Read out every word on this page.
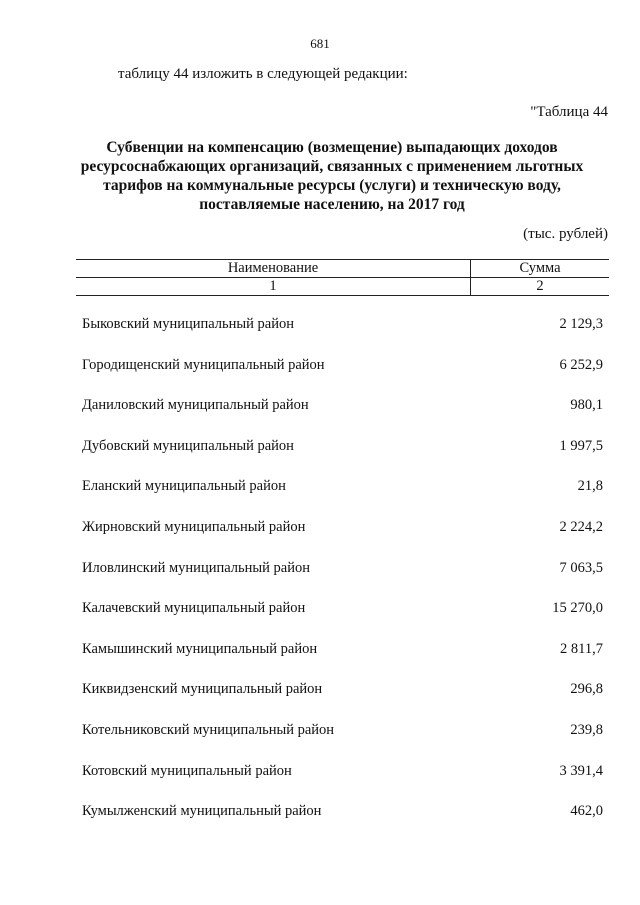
681
таблицу 44 изложить в следующей редакции:
"Таблица 44
Субвенции на компенсацию (возмещение) выпадающих доходов
ресурсоснабжающих организаций, связанных с применением льготных
тарифов на коммунальные ресурсы (услуги) и техническую воду,
поставляемые населению, на 2017 год
(тыс. рублей)
Наименование	Сумма
1	2
Быковский муниципальный район	2 129,3
Городищенский муниципальный район	6 252,9
Даниловский муниципальный район	980,1
Дубовский муниципальный район	1 997,5
Еланский муниципальный район	21,8
Жирновский муниципальный район	2 224,2
Иловлинский муниципальный район	7 063,5
Калачевский муниципальный район	15 270,0
Камышинский муниципальный район	2 811,7
Киквидзенский муниципальный район	296,8
Котельниковский муниципальный район	239,8
Котовский муниципальный район	3 391,4
Кумылженский муниципальный район	462,0
